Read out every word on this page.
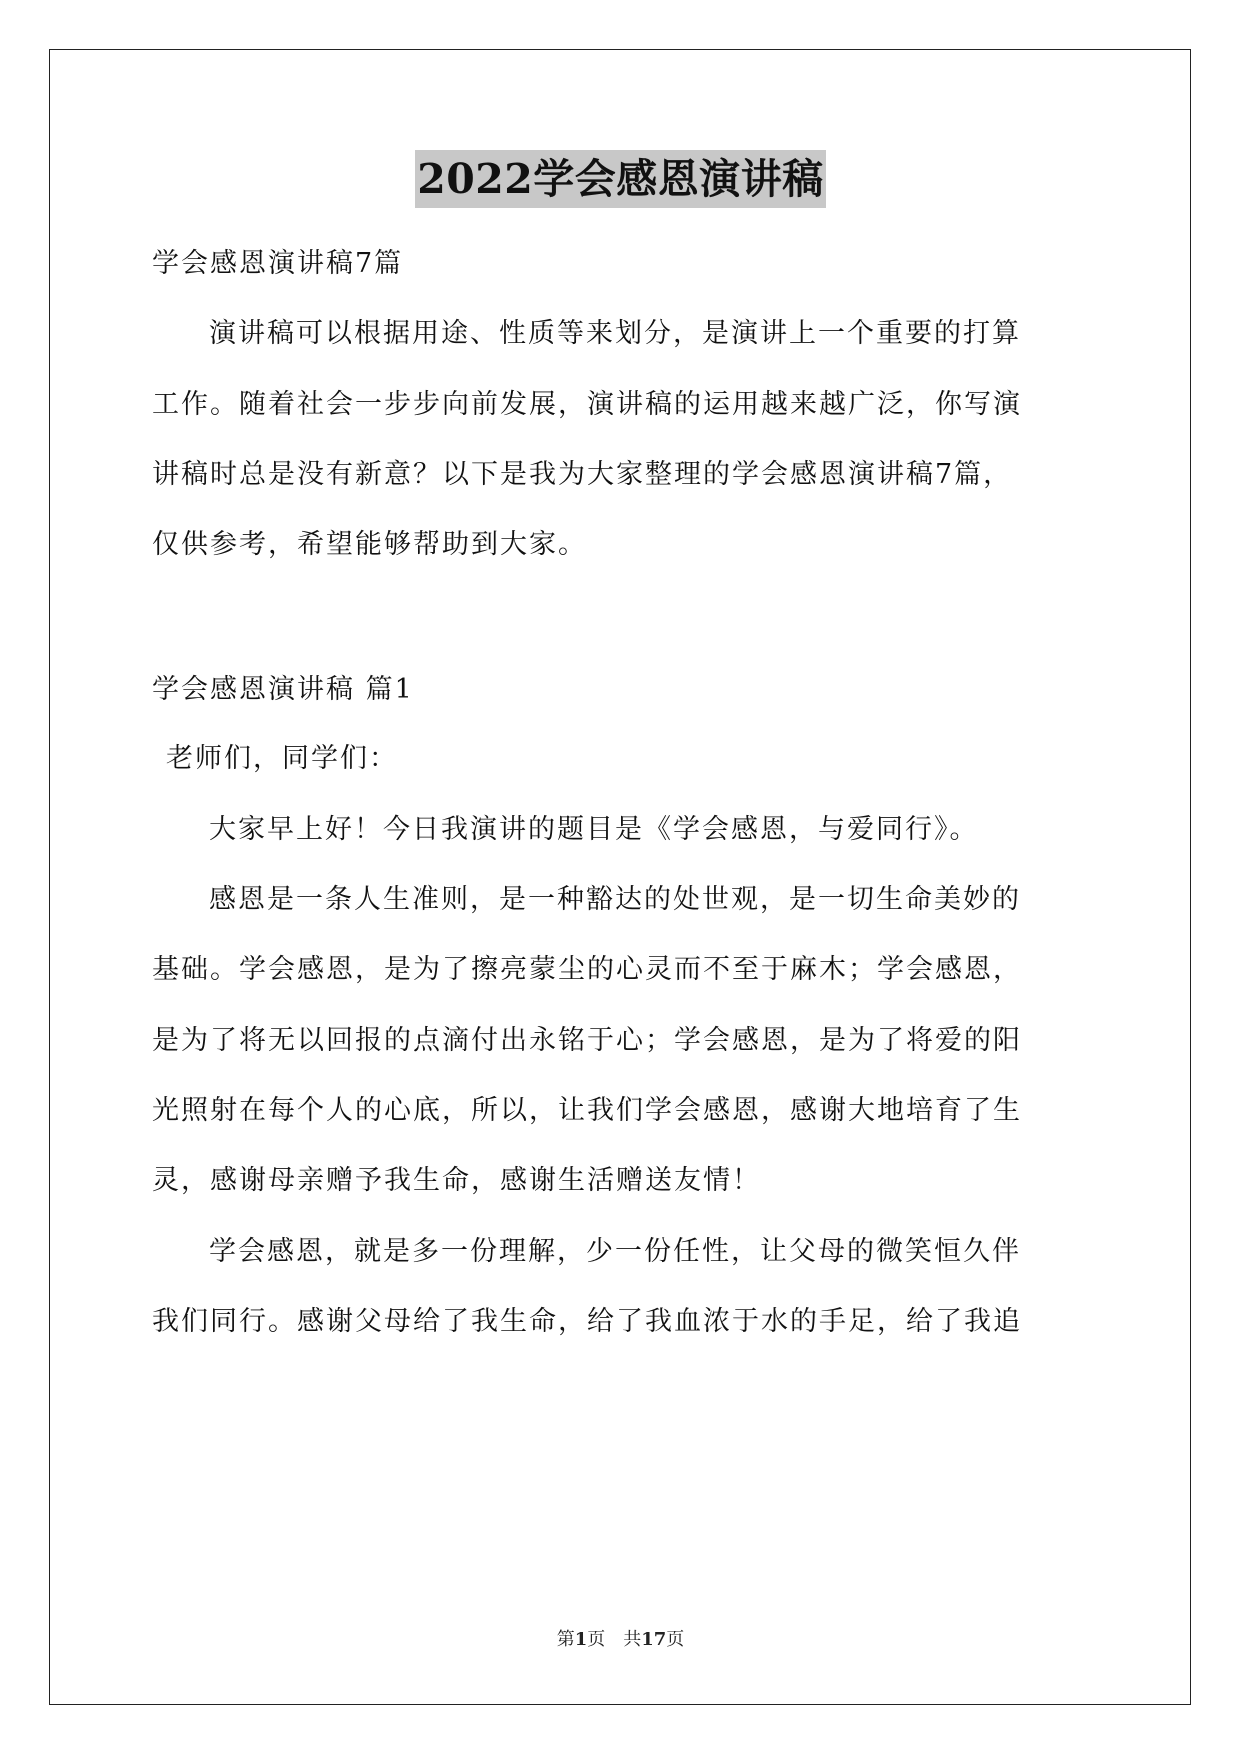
2022学会感恩演讲稿
学会感恩演讲稿7篇
演讲稿可以根据用途、性质等来划分，是演讲上一个重要的打算
工作。随着社会一步步向前发展，演讲稿的运用越来越广泛，你写演
讲稿时总是没有新意？以下是我为大家整理的学会感恩演讲稿7篇，
仅供参考，希望能够帮助到大家。
学会感恩演讲稿 篇1
老师们，同学们：
大家早上好！今日我演讲的题目是《学会感恩，与爱同行》。
感恩是一条人生准则，是一种豁达的处世观，是一切生命美妙的
基础。学会感恩，是为了擦亮蒙尘的心灵而不至于麻木；学会感恩，
是为了将无以回报的点滴付出永铭于心；学会感恩，是为了将爱的阳
光照射在每个人的心底，所以，让我们学会感恩，感谢大地培育了生
灵，感谢母亲赠予我生命，感谢生活赠送友情！
学会感恩，就是多一份理解，少一份任性，让父母的微笑恒久伴
我们同行。感谢父母给了我生命，给了我血浓于水的手足，给了我追
第1页　共17页
